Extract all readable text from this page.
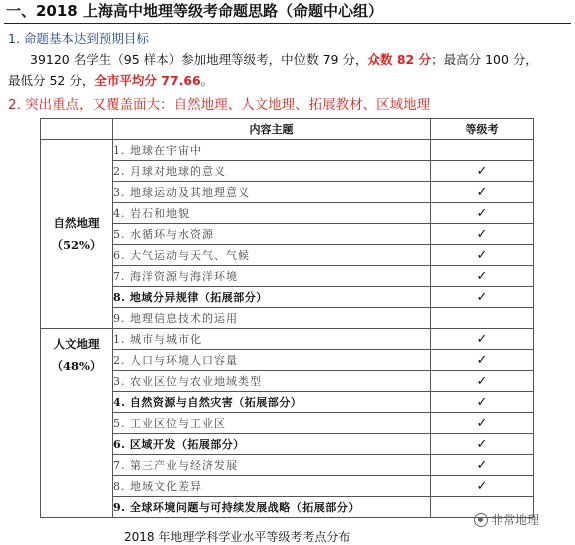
一、2018 上海高中地理等级考命题思路（命题中心组）
1. 命题基本达到预期目标
39120 名学生（95 样本）参加地理等级考，中位数 79 分，众数 82 分；最高分 100 分，
最低分 52 分，全市平均分 77.66。
2. 突出重点，又覆盖面大：自然地理、人文地理、拓展教材、区域地理
	内容主题	等级考

自然地理
（52%）	1. 地球在宇宙中	
	2. 月球对地球的意义	✓
	3. 地球运动及其地理意义	✓
	4. 岩石和地貌	✓
	5. 水循环与水资源	✓
	6. 大气运动与天气、气候	✓
	7. 海洋资源与海洋环境	✓
	8. 地域分异规律（拓展部分）	✓
	9. 地理信息技术的运用	

人文地理
（48%）	1. 城市与城市化	✓
	2. 人口与环境人口容量	✓
	3. 农业区位与农业地域类型	✓
	4. 自然资源与自然灾害（拓展部分）	✓
	5. 工业区位与工业区	✓
	6. 区域开发（拓展部分）	✓
	7. 第三产业与经济发展	✓
	8. 地域文化差异	✓
	9. 全球环境问题与可持续发展战略（拓展部分）	
2018 年地理学科学业水平等级考考点分布
非常地理
